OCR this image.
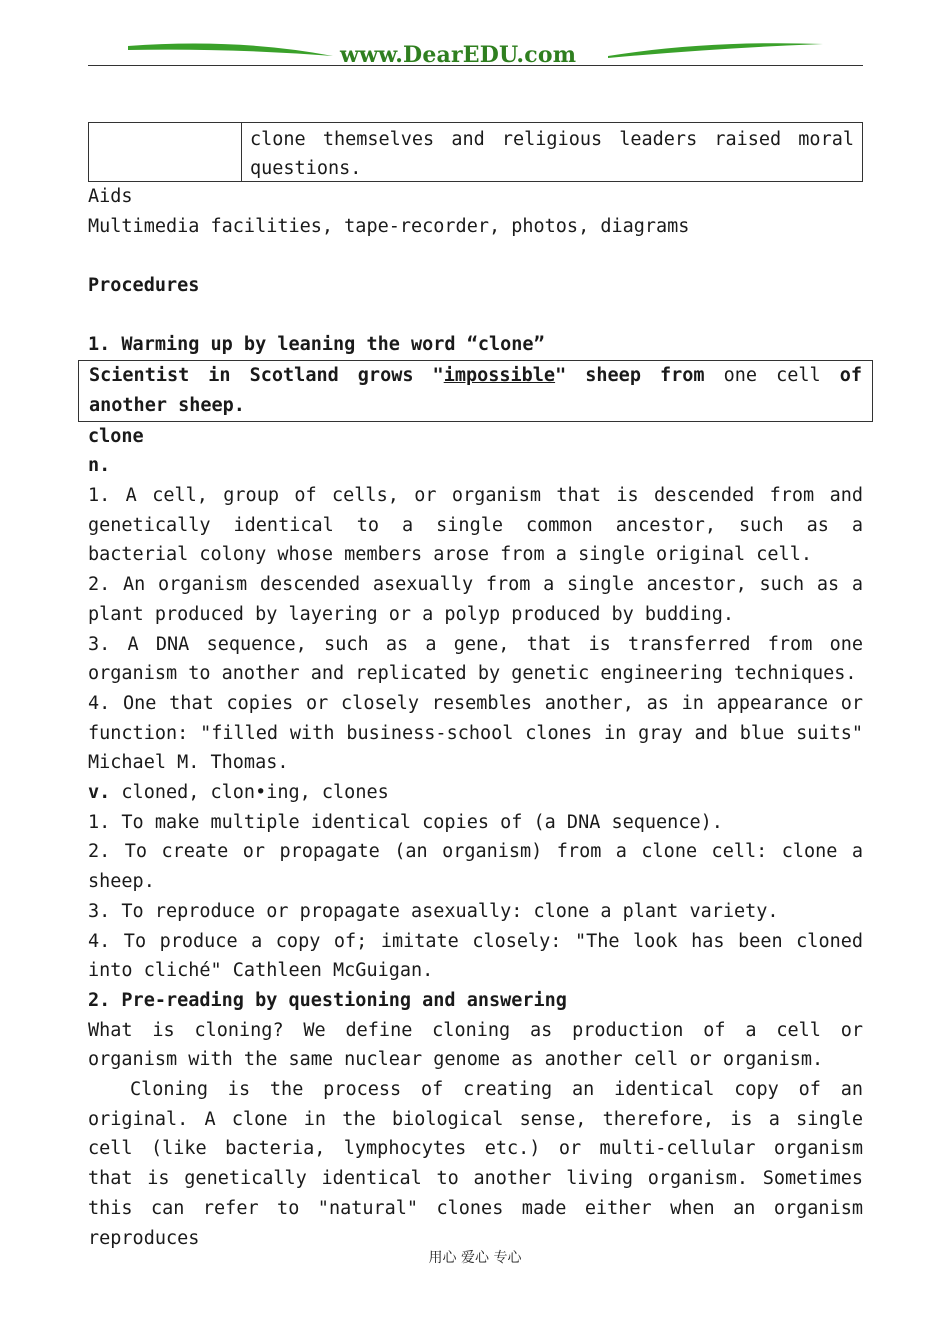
www.DearEDU.com
clone themselves and religious leaders raised moral questions.
Aids
Multimedia facilities, tape-recorder, photos, diagrams
Procedures
1. Warming up by leaning the word “clone”
Scientist in Scotland grows "impossible" sheep from one cell of another sheep.
clone
n.
1. A cell, group of cells, or organism that is descended from and genetically identical to a single common ancestor, such as a bacterial colony whose members arose from a single original cell.
2. An organism descended asexually from a single ancestor, such as a plant produced by layering or a polyp produced by budding.
3. A DNA sequence, such as a gene, that is transferred from one organism to another and replicated by genetic engineering techniques.
4. One that copies or closely resembles another, as in appearance or function: "filled with business-school clones in gray and blue suits" Michael M. Thomas.
v. cloned, clon•ing, clones
1. To make multiple identical copies of (a DNA sequence).
2. To create or propagate (an organism) from a clone cell: clone a sheep.
3. To reproduce or propagate asexually: clone a plant variety.
4. To produce a copy of; imitate closely: "The look has been cloned into cliché" Cathleen McGuigan.
2. Pre-reading by questioning and answering
What is cloning? We define cloning as production of a cell or organism with the same nuclear genome as another cell or organism.
Cloning is the process of creating an identical copy of an original. A clone in the biological sense, therefore, is a single cell (like bacteria, lymphocytes etc.) or multi-cellular organism that is genetically identical to another living organism. Sometimes this can refer to "natural" clones made either when an organism reproduces
用心 爱心 专心
